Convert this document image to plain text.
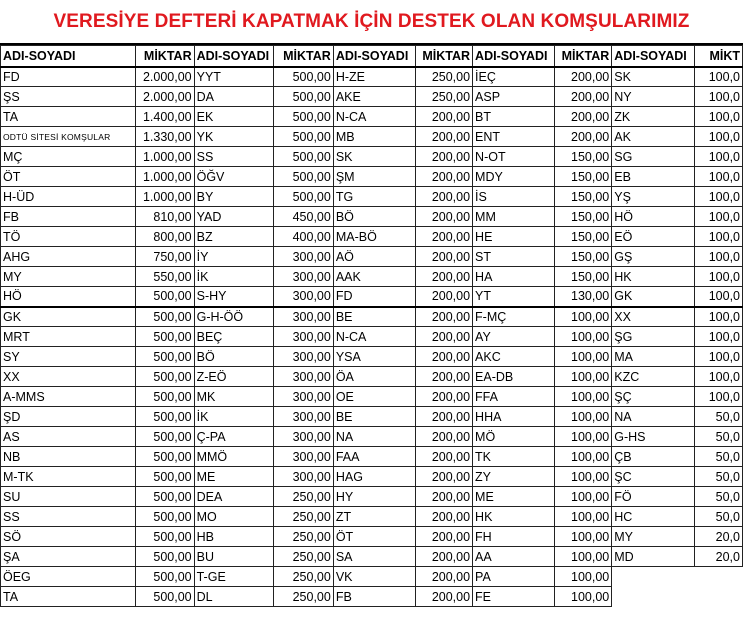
VERESİYE DEFTERİ KAPATMAK İÇİN DESTEK OLAN KOMŞULARIMIZ
ADI-SOYADI	MİKTAR	ADI-SOYADI	MİKTAR	ADI-SOYADI	MİKTAR	ADI-SOYADI	MİKTAR	ADI-SOYADI	MİKT
FD	2.000,00	YYT	500,00	H-ZE	250,00	İEÇ	200,00	SK	100,0
ŞS	2.000,00	DA	500,00	AKE	250,00	ASP	200,00	NY	100,0
TA	1.400,00	EK	500,00	N-CA	200,00	BT	200,00	ZK	100,0
ODTÜ SİTESİ KOMŞULAR	1.330,00	YK	500,00	MB	200,00	ENT	200,00	AK	100,0
MÇ	1.000,00	SS	500,00	SK	200,00	N-OT	150,00	SG	100,0
ÖT	1.000,00	ÖĞV	500,00	ŞM	200,00	MDY	150,00	EB	100,0
H-ÜD	1.000,00	BY	500,00	TG	200,00	İS	150,00	YŞ	100,0
FB	810,00	YAD	450,00	BÖ	200,00	MM	150,00	HÖ	100,0
TÖ	800,00	BZ	400,00	MA-BÖ	200,00	HE	150,00	EÖ	100,0
AHG	750,00	İY	300,00	AÖ	200,00	ST	150,00	GŞ	100,0
MY	550,00	İK	300,00	AAK	200,00	HA	150,00	HK	100,0
HÖ	500,00	S-HY	300,00	FD	200,00	YT	130,00	GK	100,0
GK	500,00	G-H-ÖÖ	300,00	BE	200,00	F-MÇ	100,00	XX	100,0
MRT	500,00	BEÇ	300,00	N-CA	200,00	AY	100,00	ŞG	100,0
SY	500,00	BÖ	300,00	YSA	200,00	AKC	100,00	MA	100,0
XX	500,00	Z-EÖ	300,00	ÖA	200,00	EA-DB	100,00	KZC	100,0
A-MMS	500,00	MK	300,00	OE	200,00	FFA	100,00	ŞÇ	100,0
ŞD	500,00	İK	300,00	BE	200,00	HHA	100,00	NA	50,0
AS	500,00	Ç-PA	300,00	NA	200,00	MÖ	100,00	G-HS	50,0
NB	500,00	MMÖ	300,00	FAA	200,00	TK	100,00	ÇB	50,0
M-TK	500,00	ME	300,00	HAG	200,00	ZY	100,00	ŞC	50,0
SU	500,00	DEA	250,00	HY	200,00	ME	100,00	FÖ	50,0
SS	500,00	MO	250,00	ZT	200,00	HK	100,00	HC	50,0
SÖ	500,00	HB	250,00	ÖT	200,00	FH	100,00	MY	20,0
ŞA	500,00	BU	250,00	SA	200,00	AA	100,00	MD	20,0
ÖEG	500,00	T-GE	250,00	VK	200,00	PA	100,00		
TA	500,00	DL	250,00	FB	200,00	FE	100,00		
